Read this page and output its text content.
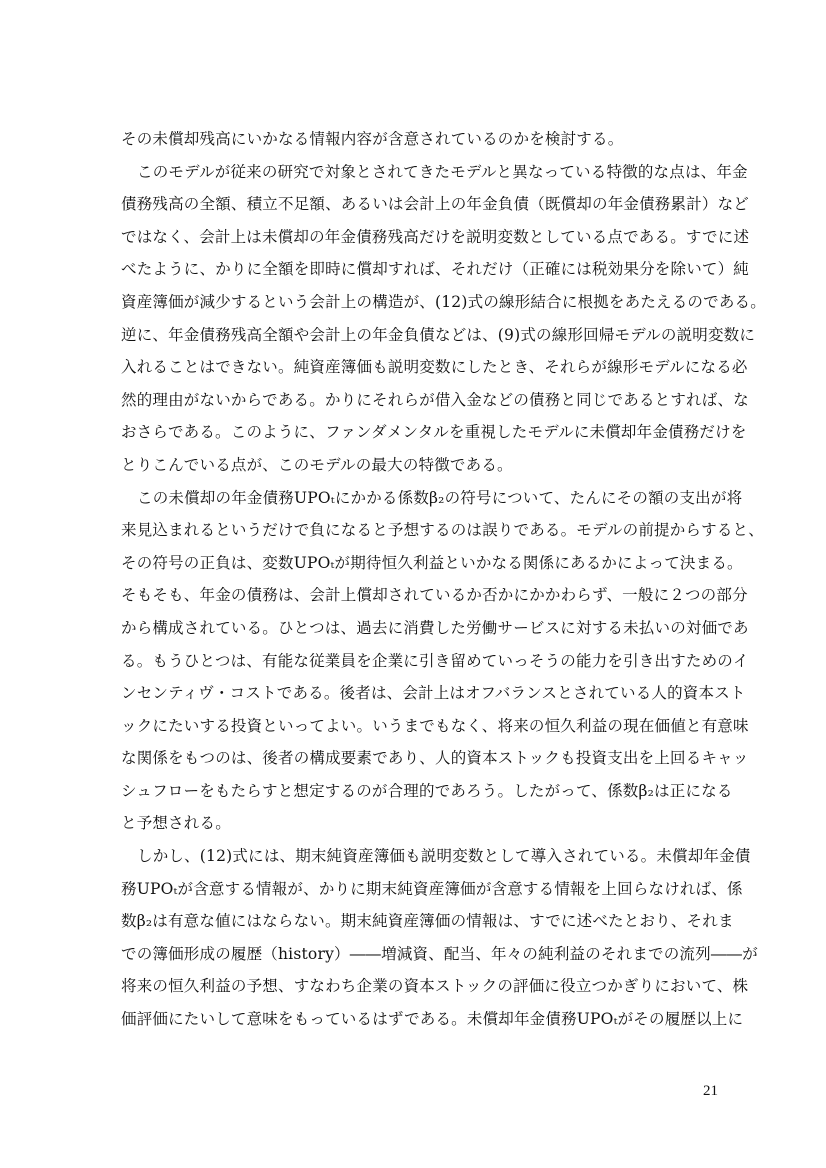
その未償却残高にいかなる情報内容が含意されているのかを検討する。
このモデルが従来の研究で対象とされてきたモデルと異なっている特徴的な点は、年金
債務残高の全額、積立不足額、あるいは会計上の年金負債（既償却の年金債務累計）など
ではなく、会計上は未償却の年金債務残高だけを説明変数としている点である。すでに述
べたように、かりに全額を即時に償却すれば、それだけ（正確には税効果分を除いて）純
資産簿価が減少するという会計上の構造が、(12)式の線形結合に根拠をあたえるのである。
逆に、年金債務残高全額や会計上の年金負債などは、(9)式の線形回帰モデルの説明変数に
入れることはできない。純資産簿価も説明変数にしたとき、それらが線形モデルになる必
然的理由がないからである。かりにそれらが借入金などの債務と同じであるとすれば、な
おさらである。このように、ファンダメンタルを重視したモデルに未償却年金債務だけを
とりこんでいる点が、このモデルの最大の特徴である。
この未償却の年金債務UPOₜにかかる係数β₂の符号について、たんにその額の支出が将
来見込まれるというだけで負になると予想するのは誤りである。モデルの前提からすると、
その符号の正負は、変数UPOₜが期待恒久利益といかなる関係にあるかによって決まる。
そもそも、年金の債務は、会計上償却されているか否かにかかわらず、一般に２つの部分
から構成されている。ひとつは、過去に消費した労働サービスに対する未払いの対価であ
る。もうひとつは、有能な従業員を企業に引き留めていっそうの能力を引き出すためのイ
ンセンティヴ・コストである。後者は、会計上はオフバランスとされている人的資本スト
ックにたいする投資といってよい。いうまでもなく、将来の恒久利益の現在価値と有意味
な関係をもつのは、後者の構成要素であり、人的資本ストックも投資支出を上回るキャッ
シュフローをもたらすと想定するのが合理的であろう。したがって、係数β₂は正になる
と予想される。
しかし、(12)式には、期末純資産簿価も説明変数として導入されている。未償却年金債
務UPOₜが含意する情報が、かりに期末純資産簿価が含意する情報を上回らなければ、係
数β₂は有意な値にはならない。期末純資産簿価の情報は、すでに述べたとおり、それま
での簿価形成の履歴（history）――増減資、配当、年々の純利益のそれまでの流列――が
将来の恒久利益の予想、すなわち企業の資本ストックの評価に役立つかぎりにおいて、株
価評価にたいして意味をもっているはずである。未償却年金債務UPOₜがその履歴以上に
21
